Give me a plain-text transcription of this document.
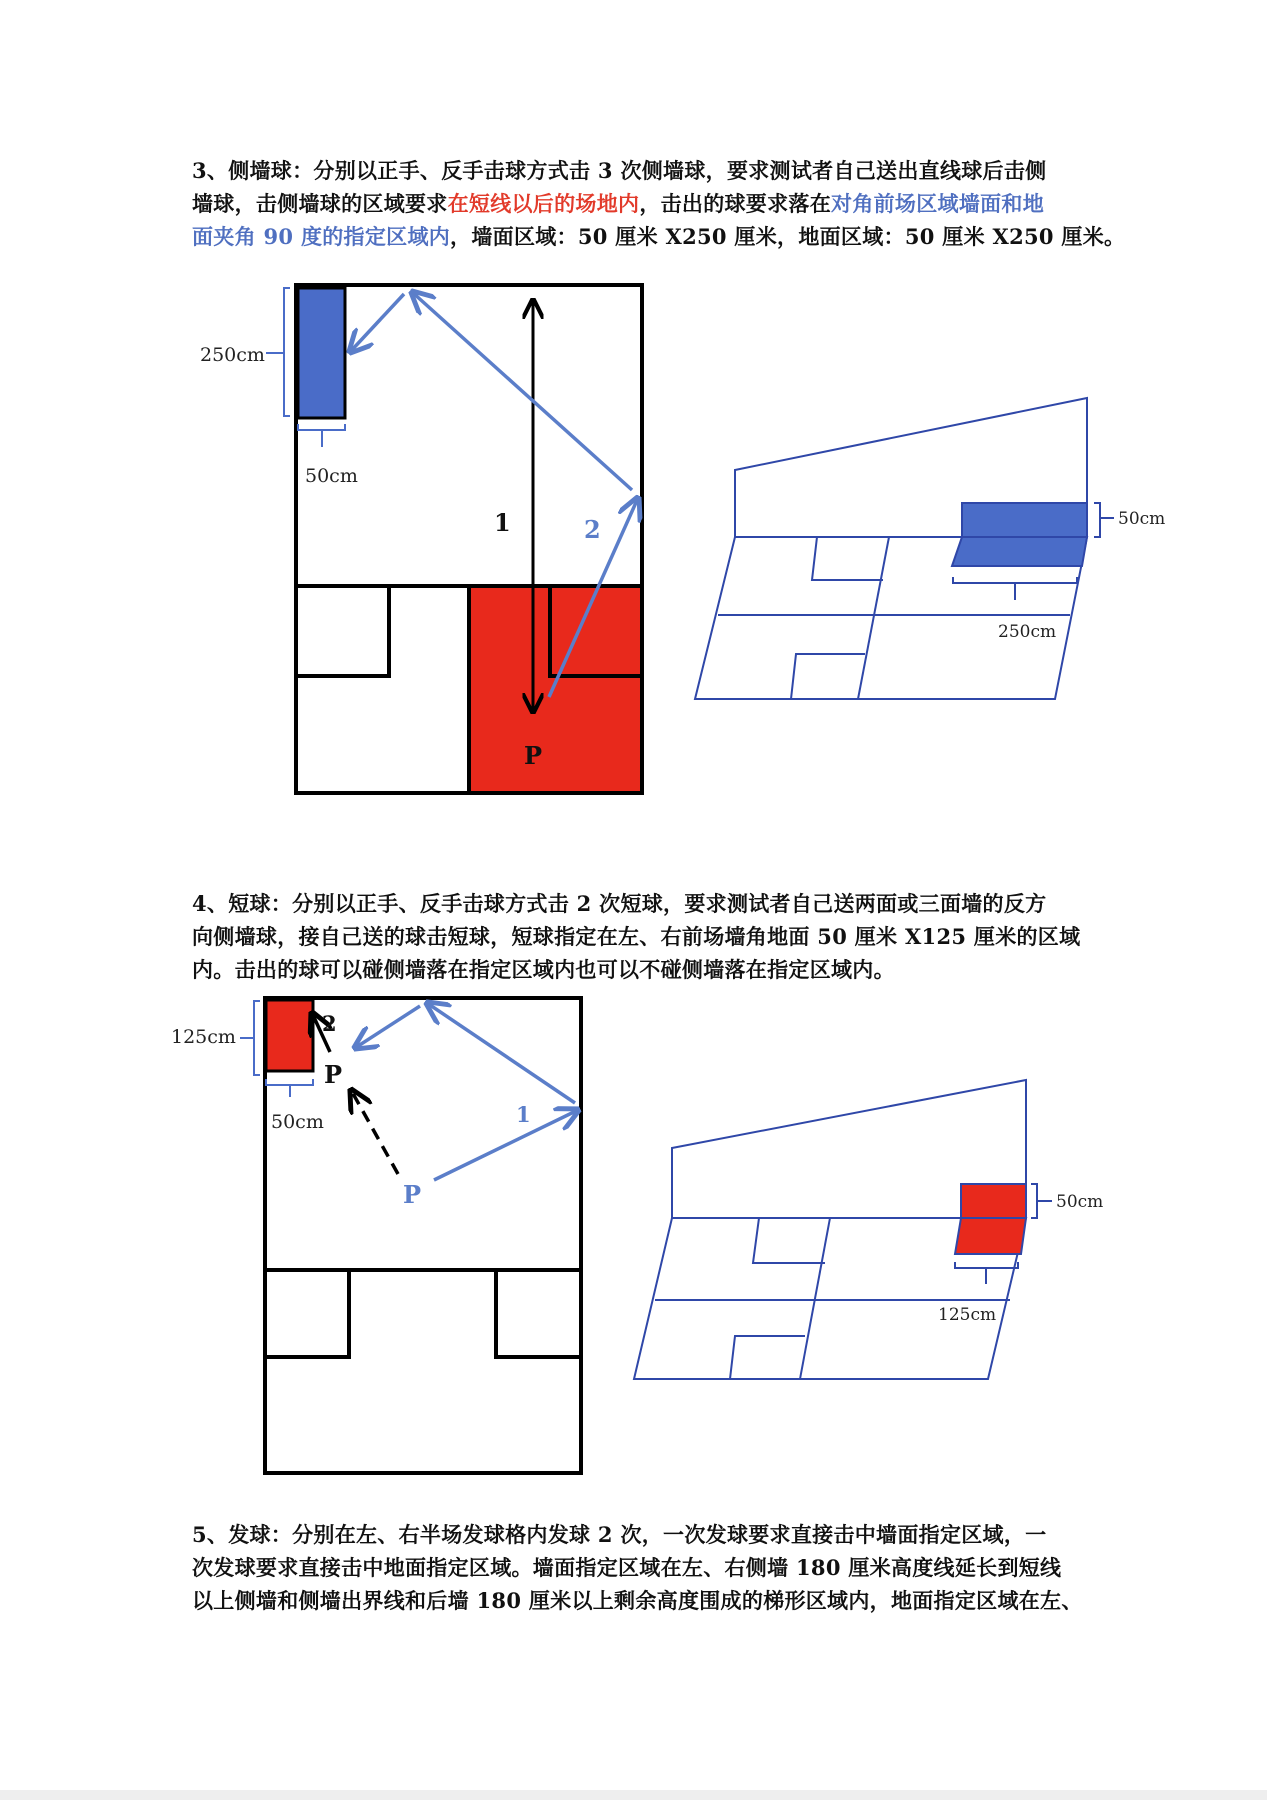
3、侧墙球：分别以正手、反手击球方式击 3 次侧墙球，要求测试者自己送出直线球后击侧

墙球，击侧墙球的区域要求在短线以后的场地内，击出的球要求落在对角前场区域墙面和地

面夹角 90 度的指定区域内，墙面区域：50 厘米 X250 厘米，地面区域：50 厘米 X250 厘米。

250cm
50cm
1	2
P
50cm
250cm

4、短球：分别以正手、反手击球方式击 2 次短球，要求测试者自己送两面或三面墙的反方

向侧墙球，接自己送的球击短球，短球指定在左、右前场墙角地面 50 厘米 X125 厘米的区域

内。击出的球可以碰侧墙落在指定区域内也可以不碰侧墙落在指定区域内。

125cm
50cm
2
P
1
P	50cm
125cm

5、发球：分别在左、右半场发球格内发球 2 次，一次发球要求直接击中墙面指定区域，一

次发球要求直接击中地面指定区域。墙面指定区域在左、右侧墙 180 厘米高度线延长到短线

以上侧墙和侧墙出界线和后墙 180 厘米以上剩余高度围成的梯形区域内，地面指定区域在左、
